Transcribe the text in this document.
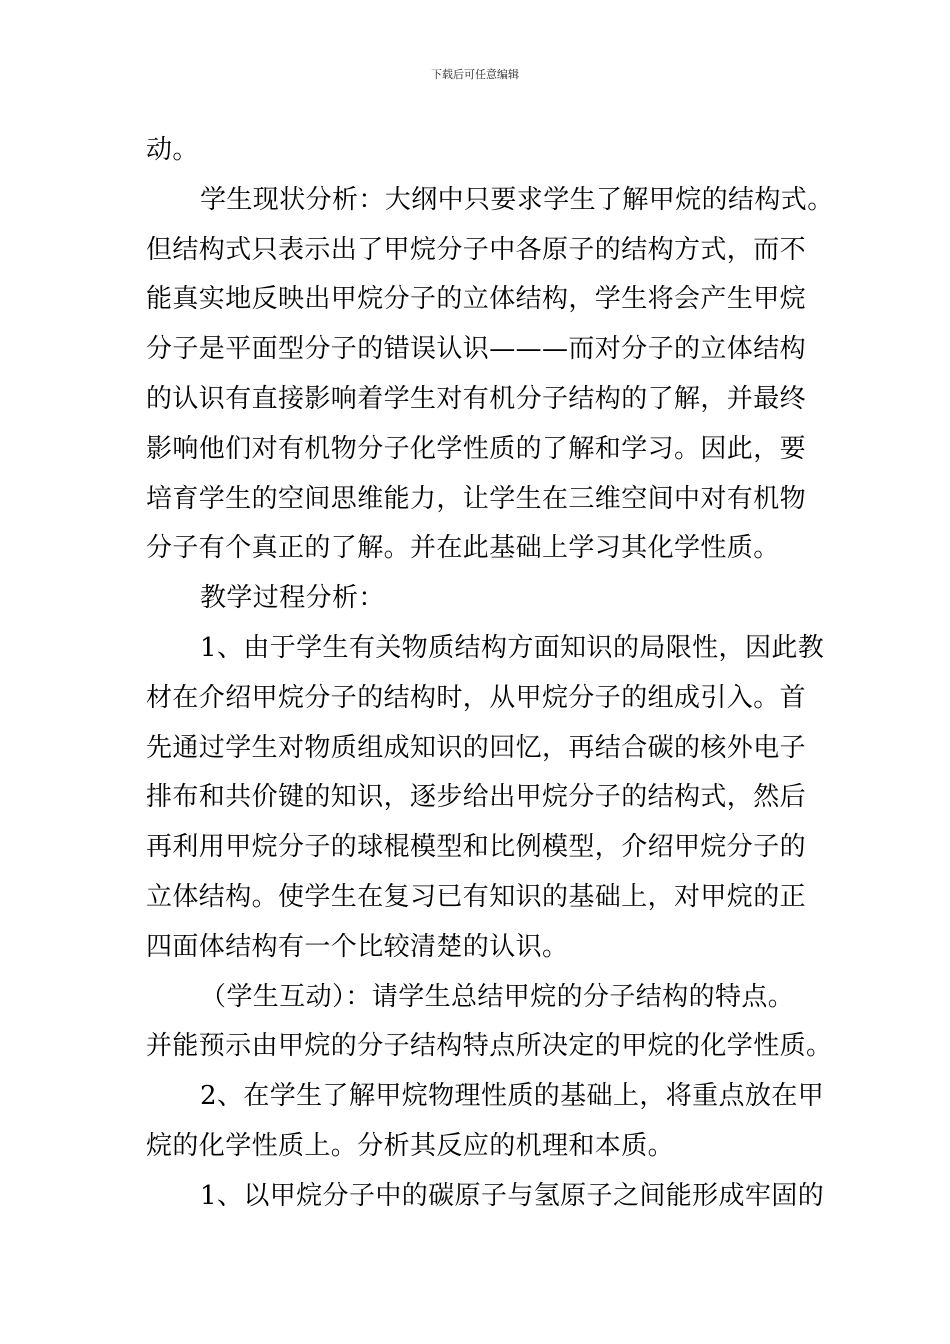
下载后可任意编辑
动。
学生现状分析：大纲中只要求学生了解甲烷的结构式。
但结构式只表示出了甲烷分子中各原子的结构方式，而不
能真实地反映出甲烷分子的立体结构，学生将会产生甲烷
分子是平面型分子的错误认识———而对分子的立体结构
的认识有直接影响着学生对有机分子结构的了解，并最终
影响他们对有机物分子化学性质的了解和学习。因此，要
培育学生的空间思维能力，让学生在三维空间中对有机物
分子有个真正的了解。并在此基础上学习其化学性质。
教学过程分析：
1、由于学生有关物质结构方面知识的局限性，因此教
材在介绍甲烷分子的结构时，从甲烷分子的组成引入。首
先通过学生对物质组成知识的回忆，再结合碳的核外电子
排布和共价键的知识，逐步给出甲烷分子的结构式，然后
再利用甲烷分子的球棍模型和比例模型，介绍甲烷分子的
立体结构。使学生在复习已有知识的基础上，对甲烷的正
四面体结构有一个比较清楚的认识。
（学生互动）：请学生总结甲烷的分子结构的特点。
并能预示由甲烷的分子结构特点所决定的甲烷的化学性质。
2、在学生了解甲烷物理性质的基础上，将重点放在甲
烷的化学性质上。分析其反应的机理和本质。
1、以甲烷分子中的碳原子与氢原子之间能形成牢固的
